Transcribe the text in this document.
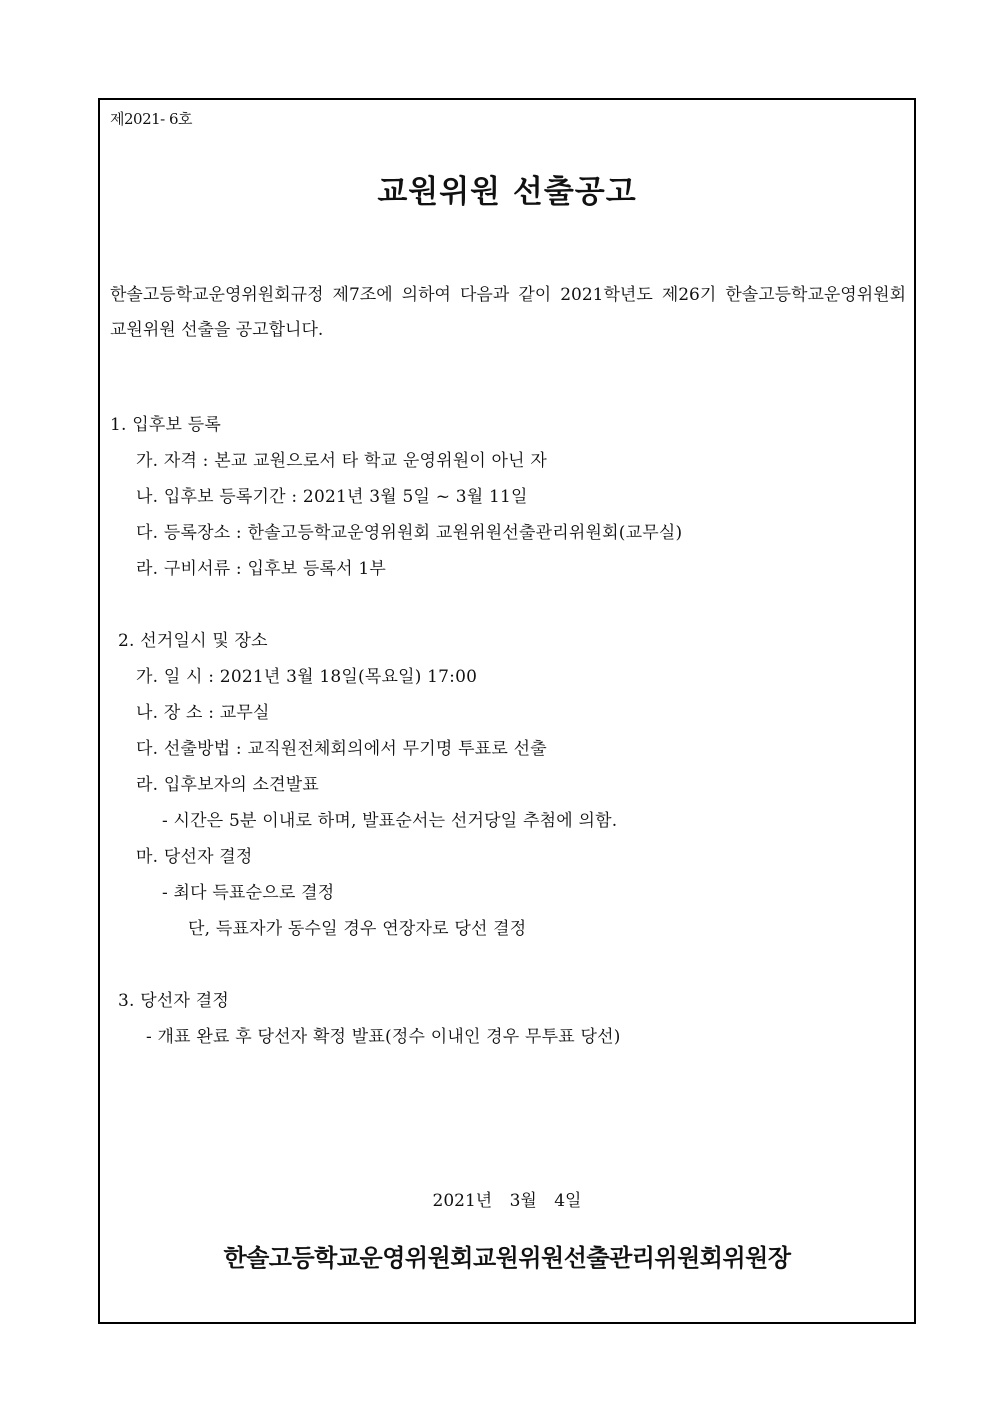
제2021- 6호
교원위원 선출공고
한솔고등학교운영위원회규정 제7조에 의하여 다음과 같이 2021학년도 제26기 한솔고등학교운영위원회 교원위원 선출을 공고합니다.
1. 입후보 등록
가. 자격 : 본교 교원으로서 타 학교 운영위원이 아닌 자
나. 입후보 등록기간 : 2021년 3월 5일 ~ 3월 11일
다. 등록장소 : 한솔고등학교운영위원회 교원위원선출관리위원회(교무실)
라. 구비서류 : 입후보 등록서 1부
2. 선거일시 및 장소
가. 일 시 : 2021년 3월 18일(목요일) 17:00
나. 장 소 : 교무실
다. 선출방법 : 교직원전체회의에서 무기명 투표로 선출
라. 입후보자의 소견발표
- 시간은 5분 이내로 하며, 발표순서는 선거당일 추첨에 의함.
마. 당선자 결정
- 최다 득표순으로 결정
단, 득표자가 동수일 경우 연장자로 당선 결정
3. 당선자 결정
- 개표 완료 후 당선자 확정 발표(정수 이내인 경우 무투표 당선)
2021년 3월 4일
한솔고등학교운영위원회교원위원선출관리위원회위원장
